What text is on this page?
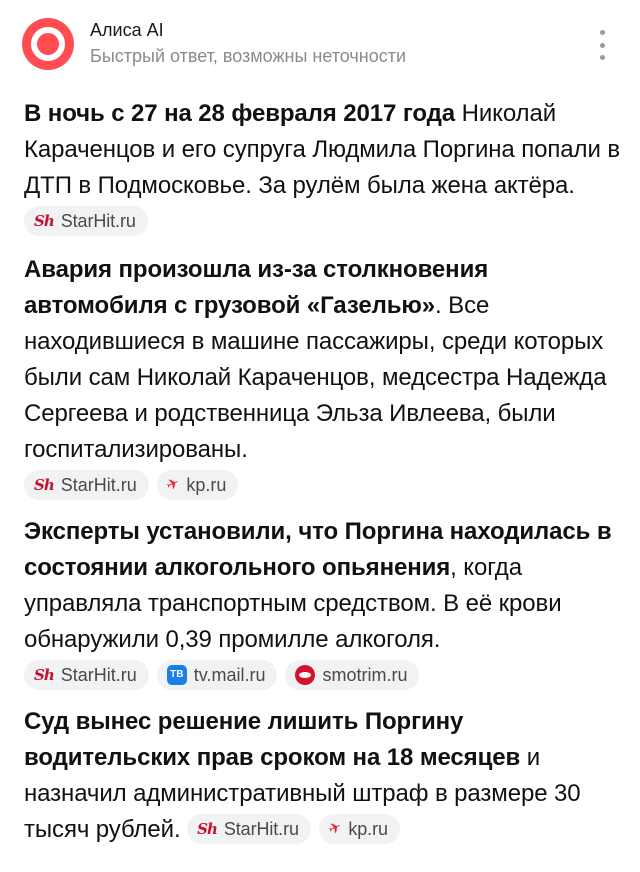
Алиса AI
Быстрый ответ, возможны неточности

В ночь с 27 на 28 февраля 2017 года Николай Караченцов и его супруга Людмила Поргина попали в ДТП в Подмосковье. За рулём была жена актёра.
Sh StarHit.ru

Авария произошла из-за столкновения автомобиля с грузовой «Газелью». Все находившиеся в машине пассажиры, среди которых были сам Николай Караченцов, медсестра Надежда Сергеева и родственница Эльза Ивлеева, были госпитализированы.

Sh StarHit.ru ✈ kp.ru

Эксперты установили, что Поргина находилась в состоянии алкогольного опьянения, когда управляла транспортным средством. В её крови обнаружили 0,39 промилле алкоголя.

Sh StarHit.ru	ТВ tv.mail.ru	smotrim.ru

Суд вынес решение лишить Поргину водительских прав сроком на 18 месяцев и назначил административный штраф в размере 30 тысяч рублей. Sh StarHit.ru ✈ kp.ru
